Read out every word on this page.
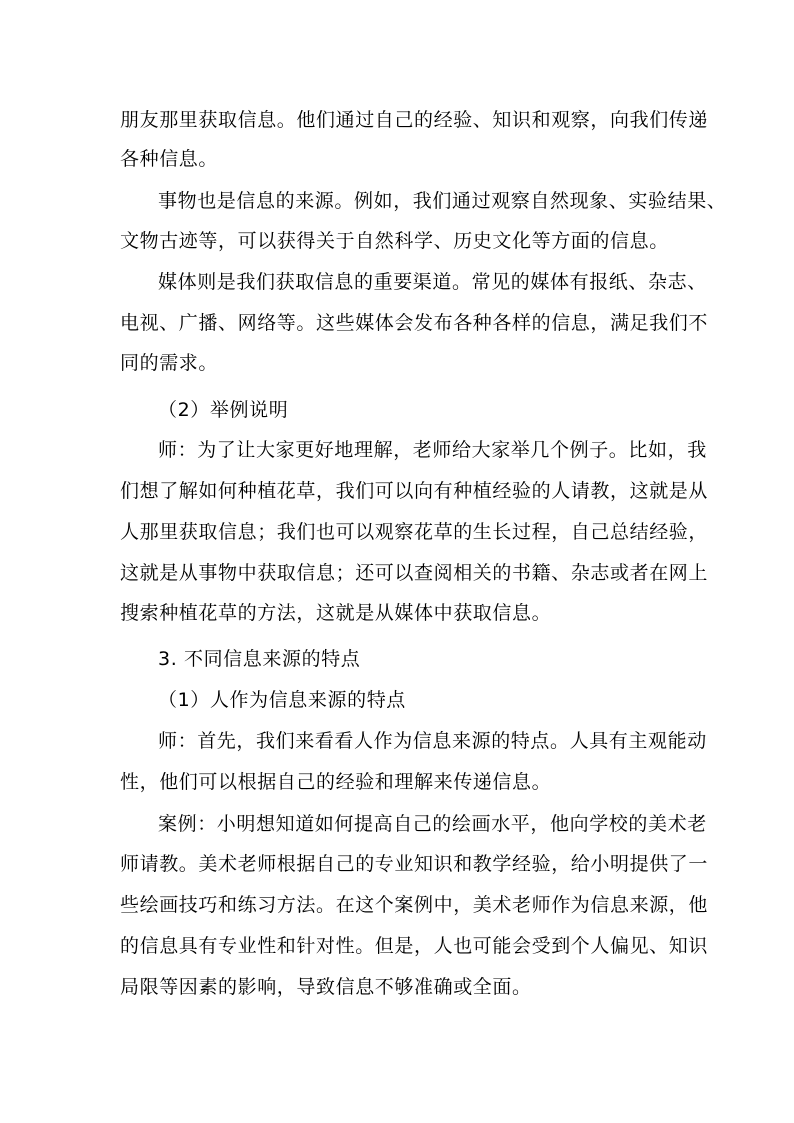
朋友那里获取信息。他们通过自己的经验、知识和观察，向我们传递

各种信息。

事物也是信息的来源。例如，我们通过观察自然现象、实验结果、

文物古迹等，可以获得关于自然科学、历史文化等方面的信息。

媒体则是我们获取信息的重要渠道。常见的媒体有报纸、杂志、

电视、广播、网络等。这些媒体会发布各种各样的信息，满足我们不

同的需求。

（2）举例说明

师：为了让大家更好地理解，老师给大家举几个例子。比如，我

们想了解如何种植花草，我们可以向有种植经验的人请教，这就是从

人那里获取信息；我们也可以观察花草的生长过程，自己总结经验，

这就是从事物中获取信息；还可以查阅相关的书籍、杂志或者在网上

搜索种植花草的方法，这就是从媒体中获取信息。

3. 不同信息来源的特点

（1）人作为信息来源的特点

师：首先，我们来看看人作为信息来源的特点。人具有主观能动

性，他们可以根据自己的经验和理解来传递信息。

案例：小明想知道如何提高自己的绘画水平，他向学校的美术老

师请教。美术老师根据自己的专业知识和教学经验，给小明提供了一

些绘画技巧和练习方法。在这个案例中，美术老师作为信息来源，他

的信息具有专业性和针对性。但是，人也可能会受到个人偏见、知识

局限等因素的影响，导致信息不够准确或全面。
